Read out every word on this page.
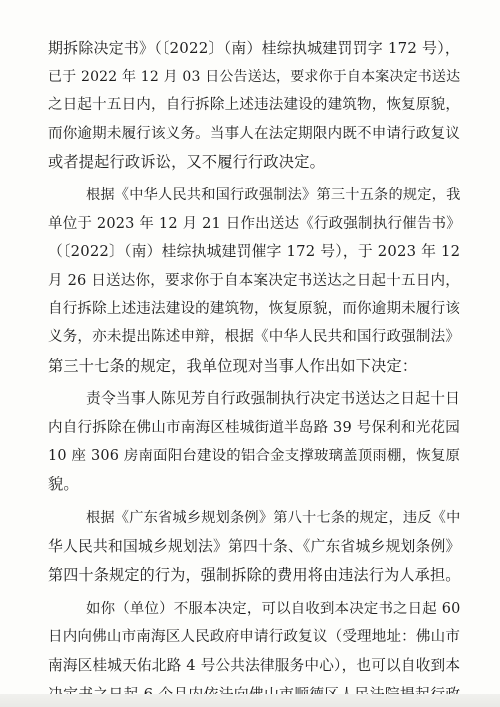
期拆除决定书》（〔2022〕（南）桂综执城建罚罚字 172 号），
已于 2022 年 12 月 03 日公告送达，要求你于自本案决定书送达
之日起十五日内，自行拆除上述违法建设的建筑物，恢复原貌，
而你逾期未履行该义务。当事人在法定期限内既不申请行政复议
或者提起行政诉讼，又不履行行政决定。
根据《中华人民共和国行政强制法》第三十五条的规定，我
单位于 2023 年 12 月 21 日作出送达《行政强制执行催告书》
（〔2022〕（南）桂综执城建罚催字 172 号），于 2023 年 12
月 26 日送达你，要求你于自本案决定书送达之日起十五日内，
自行拆除上述违法建设的建筑物，恢复原貌，而你逾期未履行该
义务，亦未提出陈述申辩，根据《中华人民共和国行政强制法》
第三十七条的规定，我单位现对当事人作出如下决定：
责令当事人陈见芳自行政强制执行决定书送达之日起十日
内自行拆除在佛山市南海区桂城街道半岛路 39 号保利和光花园
10 座 306 房南面阳台建设的铝合金支撑玻璃盖顶雨棚，恢复原
貌。
根据《广东省城乡规划条例》第八十七条的规定，违反《中
华人民共和国城乡规划法》第四十条、《广东省城乡规划条例》
第四十条规定的行为，强制拆除的费用将由违法行为人承担。
如你（单位）不服本决定，可以自收到本决定书之日起 60
日内向佛山市南海区人民政府申请行政复议（受理地址：佛山市
南海区桂城天佑北路 4 号公共法律服务中心），也可以自收到本
